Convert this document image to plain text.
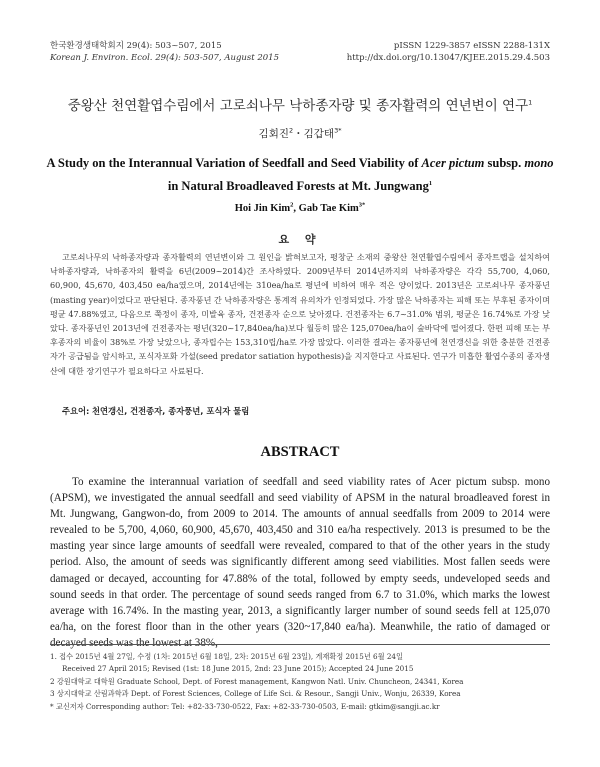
한국환경생태학회지 29(4): 503~507, 2015
Korean J. Environ. Ecol. 29(4): 503-507, August 2015
pISSN 1229-3857 eISSN 2288-131X
http://dx.doi.org/10.13047/KJEE.2015.29.4.503
중왕산 천연활엽수림에서 고로쇠나무 낙하종자량 및 종자활력의 연년변이 연구$^1$
김회진$^2$・김갑태$^{3*}$
A Study on the Interannual Variation of Seedfall and Seed Viability of Acer pictum subsp. mono
in Natural Broadleaved Forests at Mt. Jungwang$^1$
Hoi Jin Kim$^2$, Gab Tae Kim$^{3*}$
요 약

고로쇠나무의 낙하종자량과 종자활력의 연년변이와 그 원인을 밝혀보고자, 평창군 소재의 중왕산 천연활엽수림에서 종자트랩을 설치하여 낙하종자량과, 낙하종자의 활력을 6년(2009~2014)간 조사하였다. 2009년부터 2014년까지의 낙하종자량은 각각 55,700, 4,060, 60,900, 45,670, 403,450 ea/ha였으며, 2014년에는 310ea/ha로 평년에 비하여 매우 적은 양이었다. 2013년은 고로쇠나무 종자풍년(masting year)이었다고 판단된다. 종자풍년 간 낙하종자량은 통계적 유의차가 인정되었다. 가장 많은 낙하종자는 피해 또는 부후된 종자이며 평균 47.88%였고, 다음으로 쭉정이 종자, 미발육 종자, 건전종자 순으로 낮아졌다. 건전종자는 6.7~31.0% 범위, 평균은 16.74%로 가장 낮았다. 종자풍년인 2013년에 건전종자는 평년(320~17,840ea/ha)보다 월등히 많은 125,070ea/ha이 숲바닥에 떨어졌다. 한편 피해 또는 부후종자의 비율이 38%로 가장 낮았으나, 종자립수는 153,310립/ha로 가장 많았다. 이러한 결과는 종자풍년에 천연갱신을 위한 충분한 건전종자가 공급됨을 암시하고, 포식자포화 가설(seed predator satiation hypothesis)을 지지한다고 사료된다. 연구가 미흡한 활엽수종의 종자생산에 대한 장기연구가 필요하다고 사료된다.

주요어: 천연갱신, 건전종자, 종자풍년, 포식자 물림
ABSTRACT

To examine the interannual variation of seedfall and seed viability rates of Acer pictum subsp. mono (APSM), we investigated the annual seedfall and seed viability of APSM in the natural broadleaved forest in Mt. Jungwang, Gangwon-do, from 2009 to 2014. The amounts of annual seedfalls from 2009 to 2014 were revealed to be 5,700, 4,060, 60,900, 45,670, 403,450 and 310 ea/ha respectively. 2013 is presumed to be the masting year since large amounts of seedfall were revealed, compared to that of the other years in the study period. Also, the amount of seeds was significantly different among seed viabilities. Most fallen seeds were damaged or decayed, accounting for 47.88% of the total, followed by empty seeds, undeveloped seeds and sound seeds in that order. The percentage of sound seeds ranged from 6.7 to 31.0%, which marks the lowest average with 16.74%. In the masting year, 2013, a significantly larger number of sound seeds fell at 125,070 ea/ha, on the forest floor than in the other years (320~17,840 ea/ha). Meanwhile, the ratio of damaged or decayed seeds was the lowest at 38%,

1. 접수 2015년 4월 27일, 수정 (1차: 2015년 6월 18일, 2차: 2015년 6월 23일), 게재확정 2015년 6월 24일
Received 27 April 2015; Revised (1st: 18 June 2015, 2nd: 23 June 2015); Accepted 24 June 2015
2 강원대학교 대학원 Graduate School, Dept. of Forest management, Kangwon Natl. Univ. Chuncheon, 24341, Korea
3 상지대학교 산림과학과 Dept. of Forest Sciences, College of Life Sci. & Resour., Sangji Univ., Wonju, 26339, Korea
* 교신저자 Corresponding author: Tel: +82-33-730-0522, Fax: +82-33-730-0503, E-mail: gtkim@sangji.ac.kr
